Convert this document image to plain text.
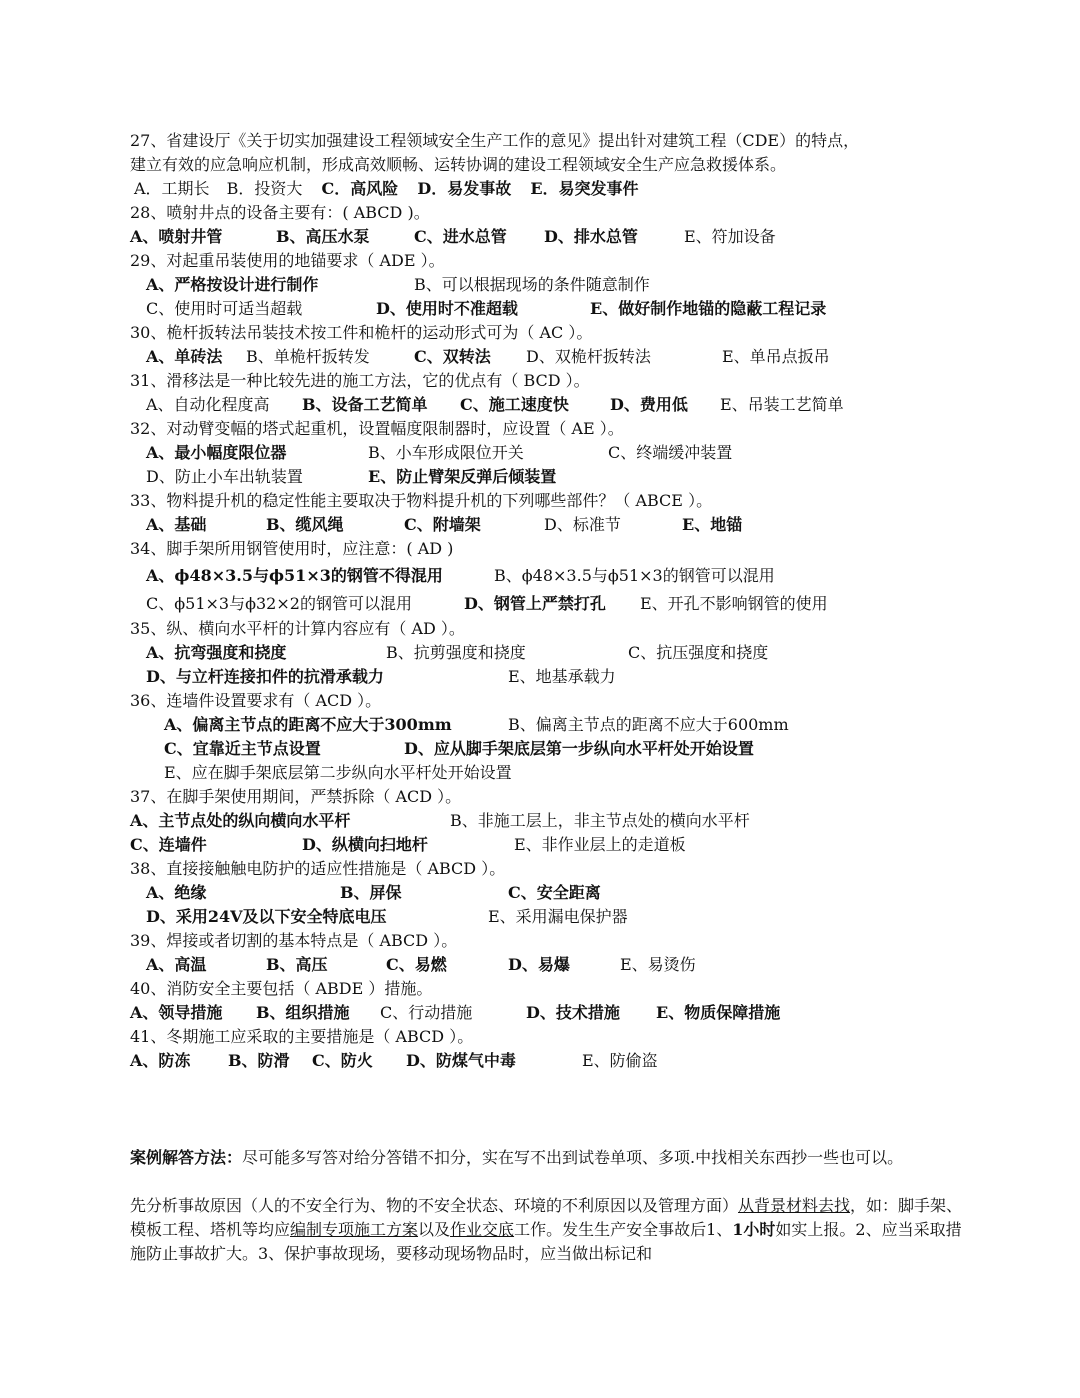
27、省建设厅《关于切实加强建设工程领域安全生产工作的意见》提出针对建筑工程（CDE）的特点，
建立有效的应急响应机制，形成高效顺畅、运转协调的建设工程领域安全生产应急救援体系。
A．工期长 B．投资大 C．高风险 D．易发事故 E．易突发事件
28、喷射井点的设备主要有：( ABCD )。
A、喷射井管	B、高压水泵	C、进水总管 D、排水总管	E、符加设备
29、对起重吊装使用的地锚要求（ ADE ）。
A、严格按设计进行制作	B、可以根据现场的条件随意制作
C、使用时可适当超载	D、使用时不准超载	E、做好制作地锚的隐蔽工程记录
30、桅杆扳转法吊装技术按工件和桅杆的运动形式可为（ AC ）。
A、单砖法 B、单桅杆扳转发	C、双转法 D、双桅杆扳转法	E、单吊点扳吊
31、滑移法是一种比较先进的施工方法，它的优点有（ BCD ）。
A、自动化程度高 B、设备工艺简单 C、施工速度快	D、费用低 E、吊装工艺简单
32、对动臂变幅的塔式起重机，设置幅度限制器时，应设置（ AE ）。
A、最小幅度限位器	B、小车形成限位开关	C、终端缓冲装置
D、防止小车出轨装置	E、防止臂架反弹后倾装置
33、物料提升机的稳定性能主要取决于物料提升机的下列哪些部件？（ ABCE ）。
A、基础	B、缆风绳	C、附墙架	D、标准节	E、地锚
34、脚手架所用钢管使用时，应注意：( AD )
A、ϕ48×3.5与ϕ51×3的钢管不得混用	B、ϕ48×3.5与ϕ51×3的钢管可以混用
C、ϕ51×3与ϕ32×2的钢管可以混用	D、钢管上严禁打孔 E、开孔不影响钢管的使用
35、纵、横向水平杆的计算内容应有（ AD ）。
A、抗弯强度和挠度	B、抗剪强度和挠度	C、抗压强度和挠度
D、与立杆连接扣件的抗滑承载力	E、地基承载力
36、连墙件设置要求有（ ACD ）。
A、偏离主节点的距离不应大于300mm	B、偏离主节点的距离不应大于600mm
C、宜靠近主节点设置	D、应从脚手架底层第一步纵向水平杆处开始设置
E、应在脚手架底层第二步纵向水平杆处开始设置
37、在脚手架使用期间，严禁拆除（ ACD ）。
A、主节点处的纵向横向水平杆	B、非施工层上，非主节点处的横向水平杆
C、连墙件	D、纵横向扫地杆	E、非作业层上的走道板
38、直接接触触电防护的适应性措施是（ ABCD ）。
A、绝缘	B、屏保	C、安全距离
D、采用24V及以下安全特底电压	E、采用漏电保护器
39、焊接或者切割的基本特点是（ ABCD ）。
A、高温	B、高压	C、易燃	D、易爆	E、易烫伤
40、消防安全主要包括（ ABDE ）措施。
A、领导措施 B、组织措施 C、行动措施	D、技术措施 E、物质保障措施
41、冬期施工应采取的主要措施是（ ABCD ）。
A、防冻 B、防滑 C、防火 D、防煤气中毒	E、防偷盗
案例解答方法：尽可能多写答对给分答错不扣分，实在写不出到试卷单项、多项.中找相关东西抄一些也可以。
先分析事故原因（人的不安全行为、物的不安全状态、环境的不利原因以及管理方面）从背景材料去找，如：脚手架、模板工程、塔机等均应编制专项施工方案以及作业交底工作。发生生产安全事故后1、1小时如实上报。2、应当采取措施防止事故扩大。3、保护事故现场，要移动现场物品时，应当做出标记和
